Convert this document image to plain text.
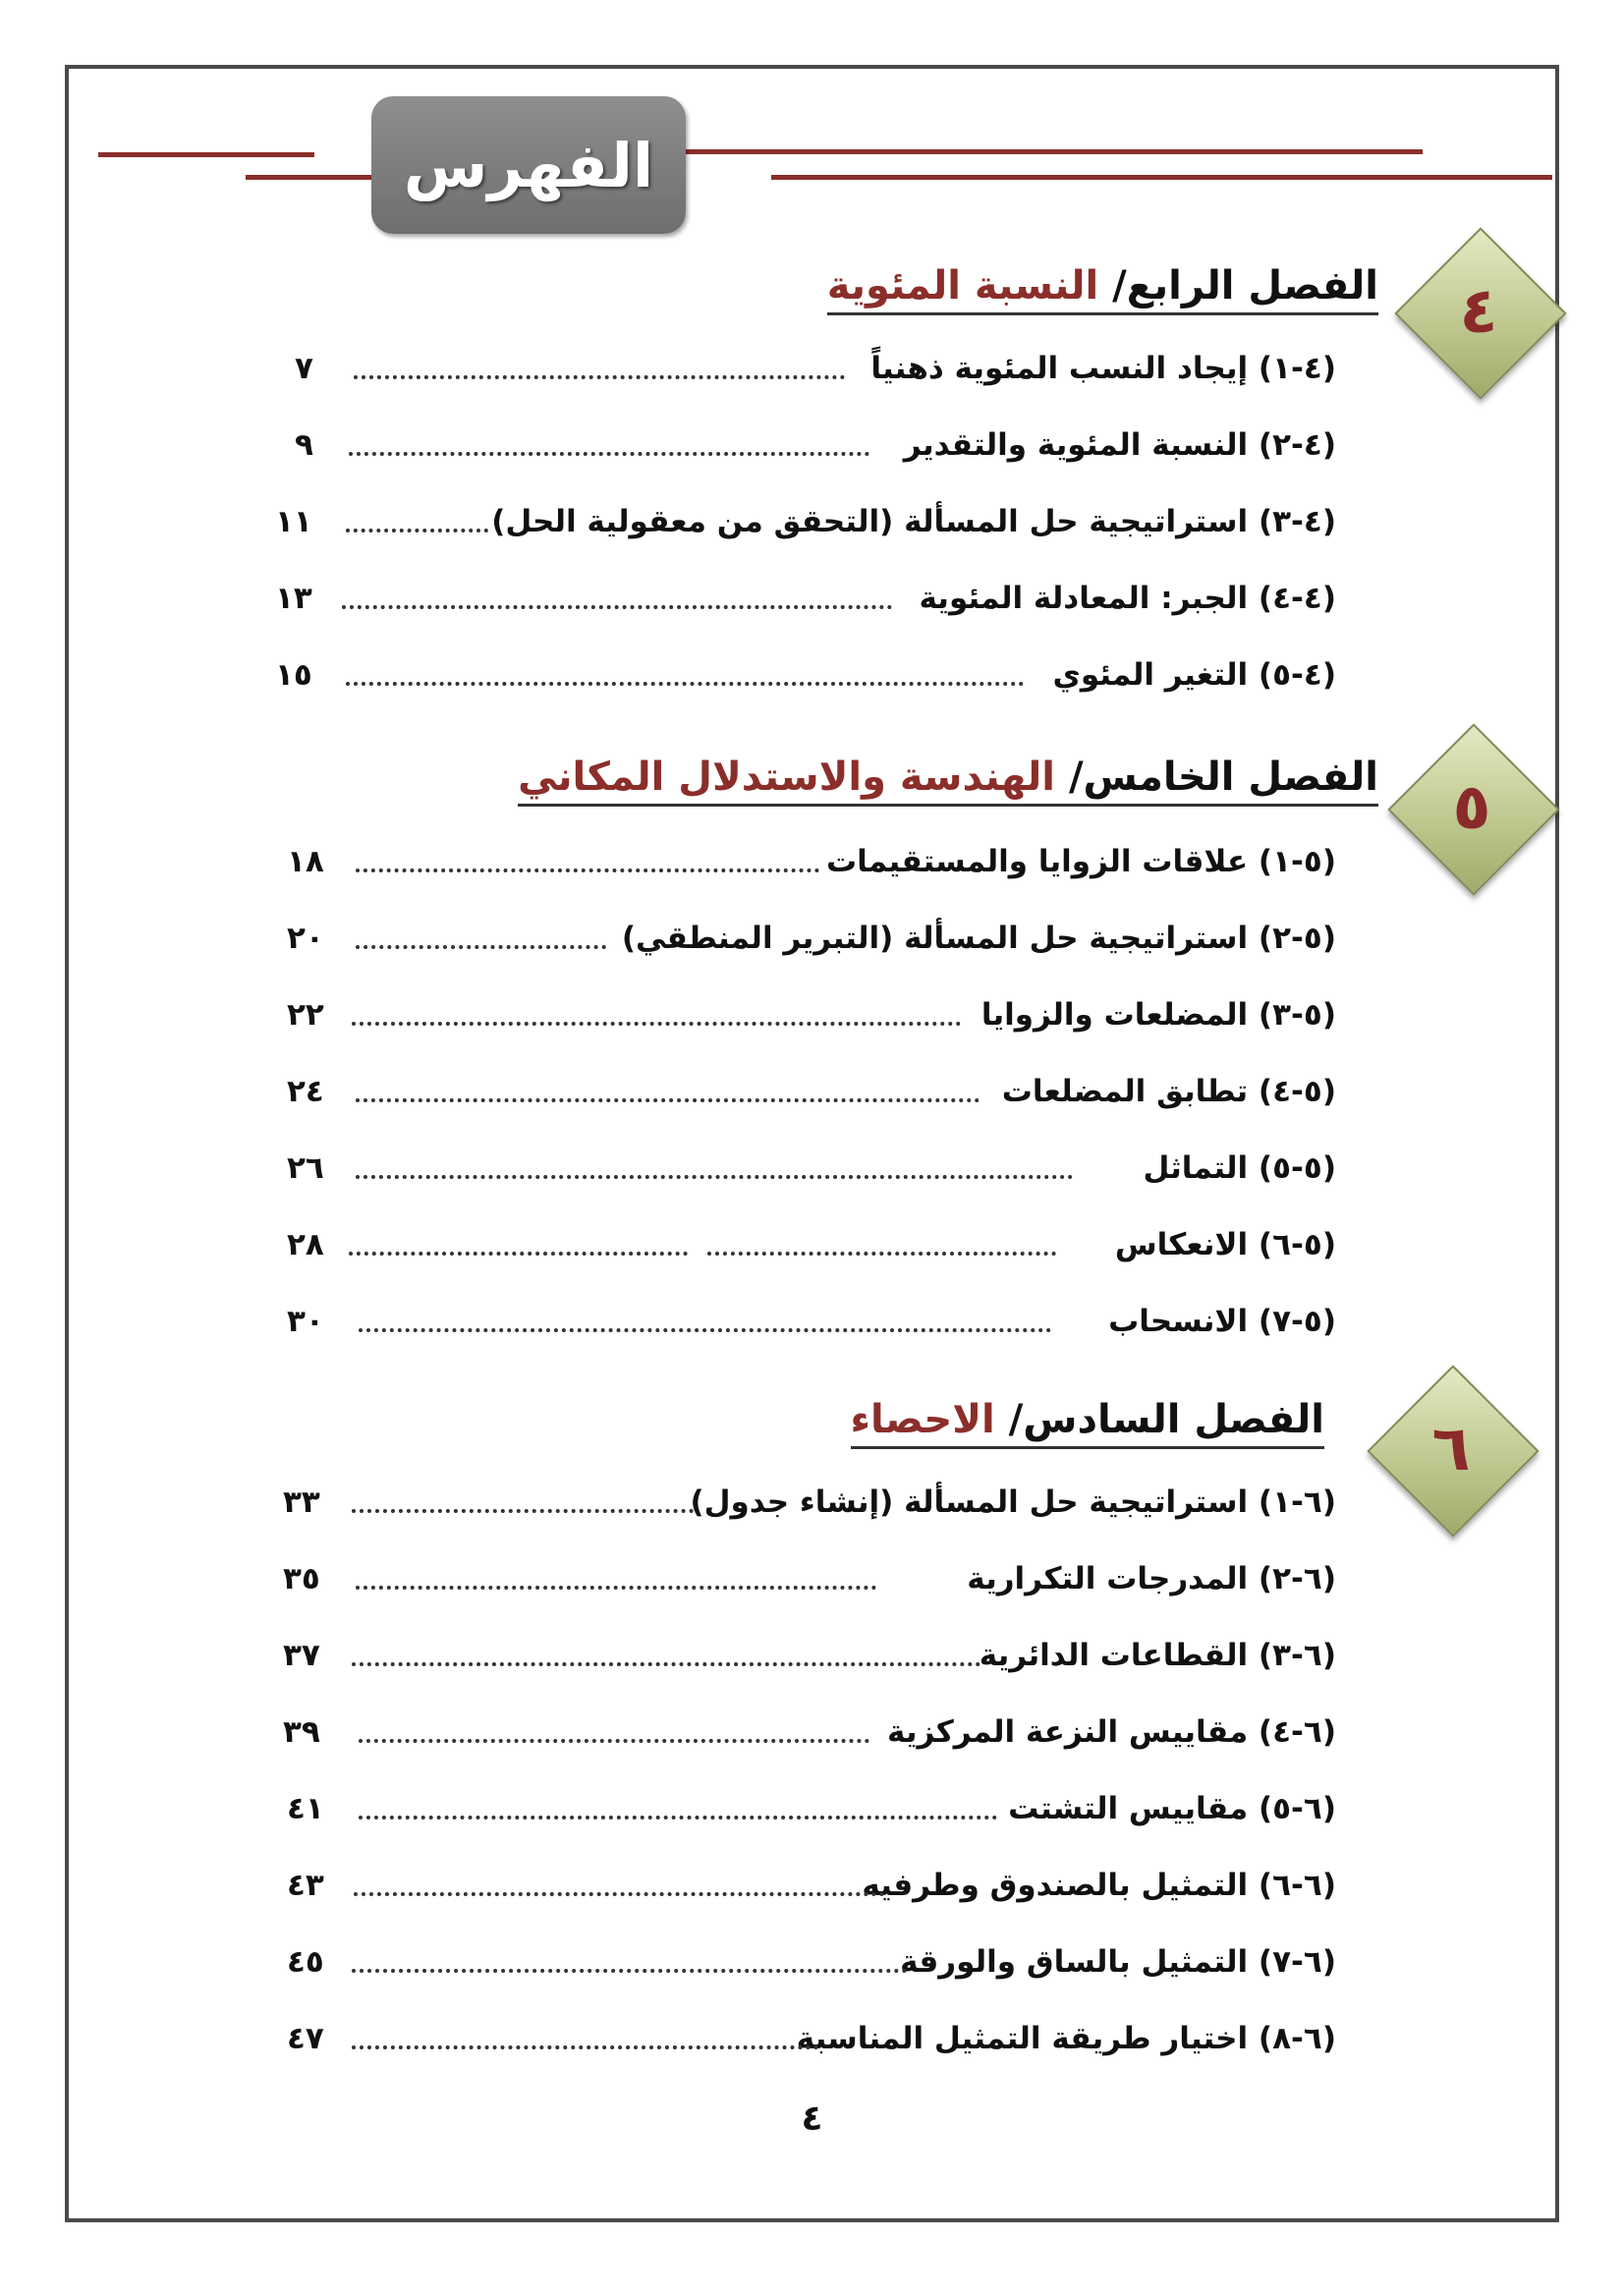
الفهرس
٤
الفصل الرابع/ النسبة المئوية
(٤-١) إيجاد النسب المئوية ذهنياً
٧
(٤-٢) النسبة المئوية والتقدير
٩
(٤-٣) استراتيجية حل المسألة (التحقق من معقولية الحل)
١١
(٤-٤) الجبر: المعادلة المئوية
١٣
(٤-٥) التغير المئوي
١٥
٥
الفصل الخامس/ الهندسة والاستدلال المكاني
(٥-١) علاقات الزوايا والمستقيمات
١٨
(٥-٢) استراتيجية حل المسألة (التبرير المنطقي)
٢٠
(٥-٣) المضلعات والزوايا
٢٢
(٥-٤) تطابق المضلعات
٢٤
(٥-٥) التماثل
٢٦
(٥-٦) الانعكاس
٢٨
(٥-٧) الانسحاب
٣٠
٦
الفصل السادس/ الاحصاء
(٦-١) استراتيجية حل المسألة (إنشاء جدول)
٣٣
(٦-٢) المدرجات التكرارية
٣٥
(٦-٣) القطاعات الدائرية
٣٧
(٦-٤) مقاييس النزعة المركزية
٣٩
(٦-٥) مقاييس التشتت
٤١
(٦-٦) التمثيل بالصندوق وطرفيه
٤٣
(٦-٧) التمثيل بالساق والورقة
٤٥
(٦-٨) اختيار طريقة التمثيل المناسبة
٤٧
٤
